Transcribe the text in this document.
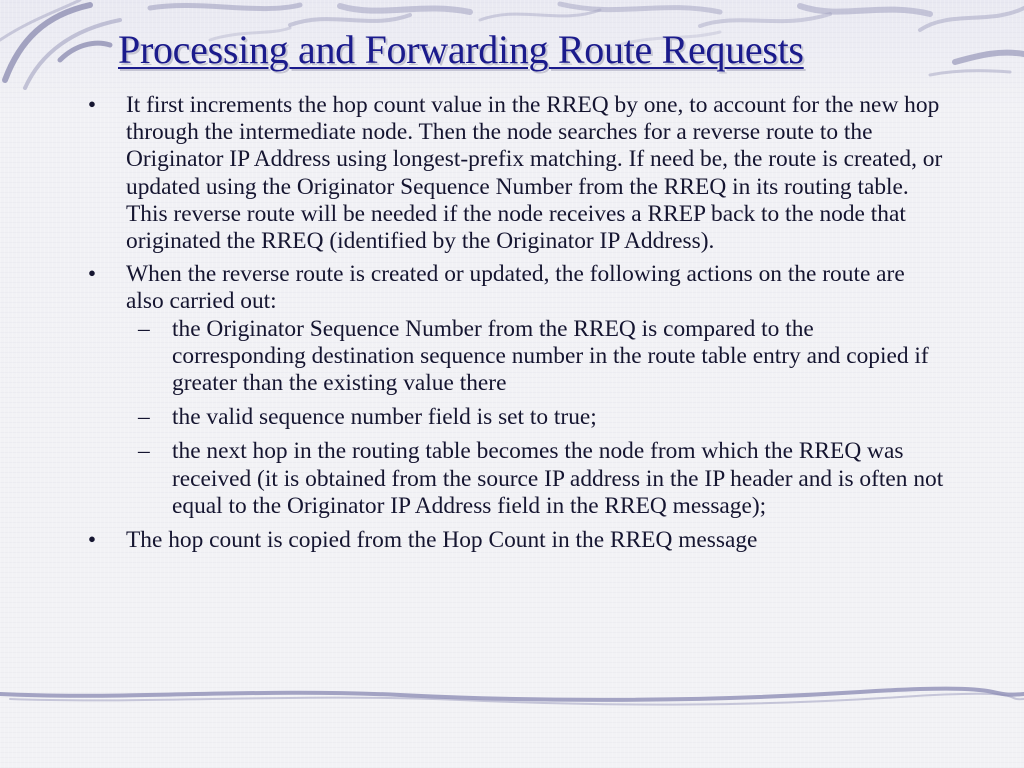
Processing and Forwarding Route Requests
• It first increments the hop count value in the RREQ by one, to account for the new hop through the intermediate node. Then the node searches for a reverse route to the Originator IP Address using longest-prefix matching. If need be, the route is created, or updated using the Originator Sequence Number from the RREQ in its routing table. This reverse route will be needed if the node receives a RREP back to the node that originated the RREQ (identified by the Originator IP Address).
• When the reverse route is created or updated, the following actions on the route are also carried out:
– the Originator Sequence Number from the RREQ is compared to the corresponding destination sequence number in the route table entry and copied if greater than the existing value there
– the valid sequence number field is set to true;
– the next hop in the routing table becomes the node from which the RREQ was received (it is obtained from the source IP address in the IP header and is often not equal to the Originator IP Address field in the RREQ message);
• The hop count is copied from the Hop Count in the RREQ message
